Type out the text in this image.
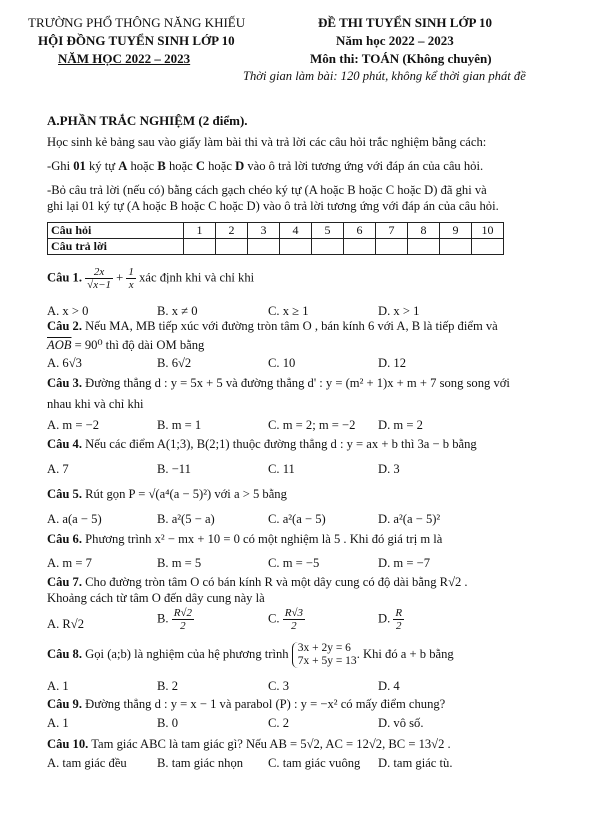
TRƯỜNG PHỔ THÔNG NĂNG KHIẾU
HỘI ĐỒNG TUYỂN SINH LỚP 10
NĂM HỌC 2022 – 2023
ĐỀ THI TUYỂN SINH LỚP 10
Năm học 2022 – 2023
Môn thi: TOÁN (Không chuyên)
Thời gian làm bài: 120 phút, không kể thời gian phát đề
A.PHẦN TRẮC NGHIỆM (2 điểm).
Học sinh kẻ bảng sau vào giấy làm bài thi và trả lời các câu hỏi trắc nghiệm bằng cách:
-Ghi 01 ký tự A hoặc B hoặc C hoặc D vào ô trả lời tương ứng với đáp án của câu hỏi.
-Bỏ câu trả lời (nếu có) bằng cách gạch chéo ký tự (A hoặc B hoặc C hoặc D) đã ghi và
ghi lại 01 ký tự (A hoặc B hoặc C hoặc D) vào ô trả lời tương ứng với đáp án của câu hỏi.
Câu hỏi	1	2	3	4	5	6	7	8	9	10
Câu trả lời										
Câu 1. $\frac{2x}{√x-1} + \frac{1}{x}$ xác định khi và chỉ khi
A. x > 0	B. x ≠ 0	C. x ≥ 1	D. x > 1
Câu 2. Nếu MA, MB tiếp xúc với đường tròn tâm O , bán kính 6 với A, B là tiếp điểm và
$\overline{AOB} = 90^0$ thì độ dài OM bằng
A. 6√3	B. 6√2	C. 10	D. 12
Câu 3. Đường thẳng d : y = 5x + 5 và đường thẳng d' : y = (m² + 1)x + m + 7 song song với
nhau khi và chỉ khi
A. m = −2	B. m = 1	C. m = 2; m = −2 D. m = 2
Câu 4. Nếu các điểm A(1;3), B(2;1) thuộc đường thẳng d : y = ax + b thì 3a − b bằng
A. 7	B. −11	C. 11	D. 3
Câu 5. Rút gọn P = √(a⁴(a − 5)²) với a > 5 bằng
A. a(a − 5)	B. a²(5 − a)	C. a²(a − 5)	D. a²(a − 5)²
Câu 6. Phương trình x² − mx + 10 = 0 có một nghiệm là 5 . Khi đó giá trị m là
A. m = 7	B. m = 5	C. m = −5	D. m = −7
Câu 7. Cho đường tròn tâm O có bán kính R và một dây cung có độ dài bằng R√2 .
Khoảng cách từ tâm O đến dây cung này là
A. R√2	B. $\frac{R√2}{2}$	C. $\frac{R√3}{2}$	D. $\frac{R}{2}$
Câu 8. Gọi (a;b) là nghiệm của hệ phương trình 3x + 2y = 6
7x + 5y = 13. Khi đó a + b bằng
A. 1	B. 2	C. 3	D. 4
Câu 9. Đường thẳng d : y = x − 1 và parabol (P) : y = −x² có mấy điểm chung?
A. 1	B. 0	C. 2	D. vô số.
Câu 10. Tam giác ABC là tam giác gì? Nếu AB = 5√2, AC = 12√2, BC = 13√2 .
A. tam giác đều B. tam giác nhọn C. tam giác vuông D. tam giác tù.
